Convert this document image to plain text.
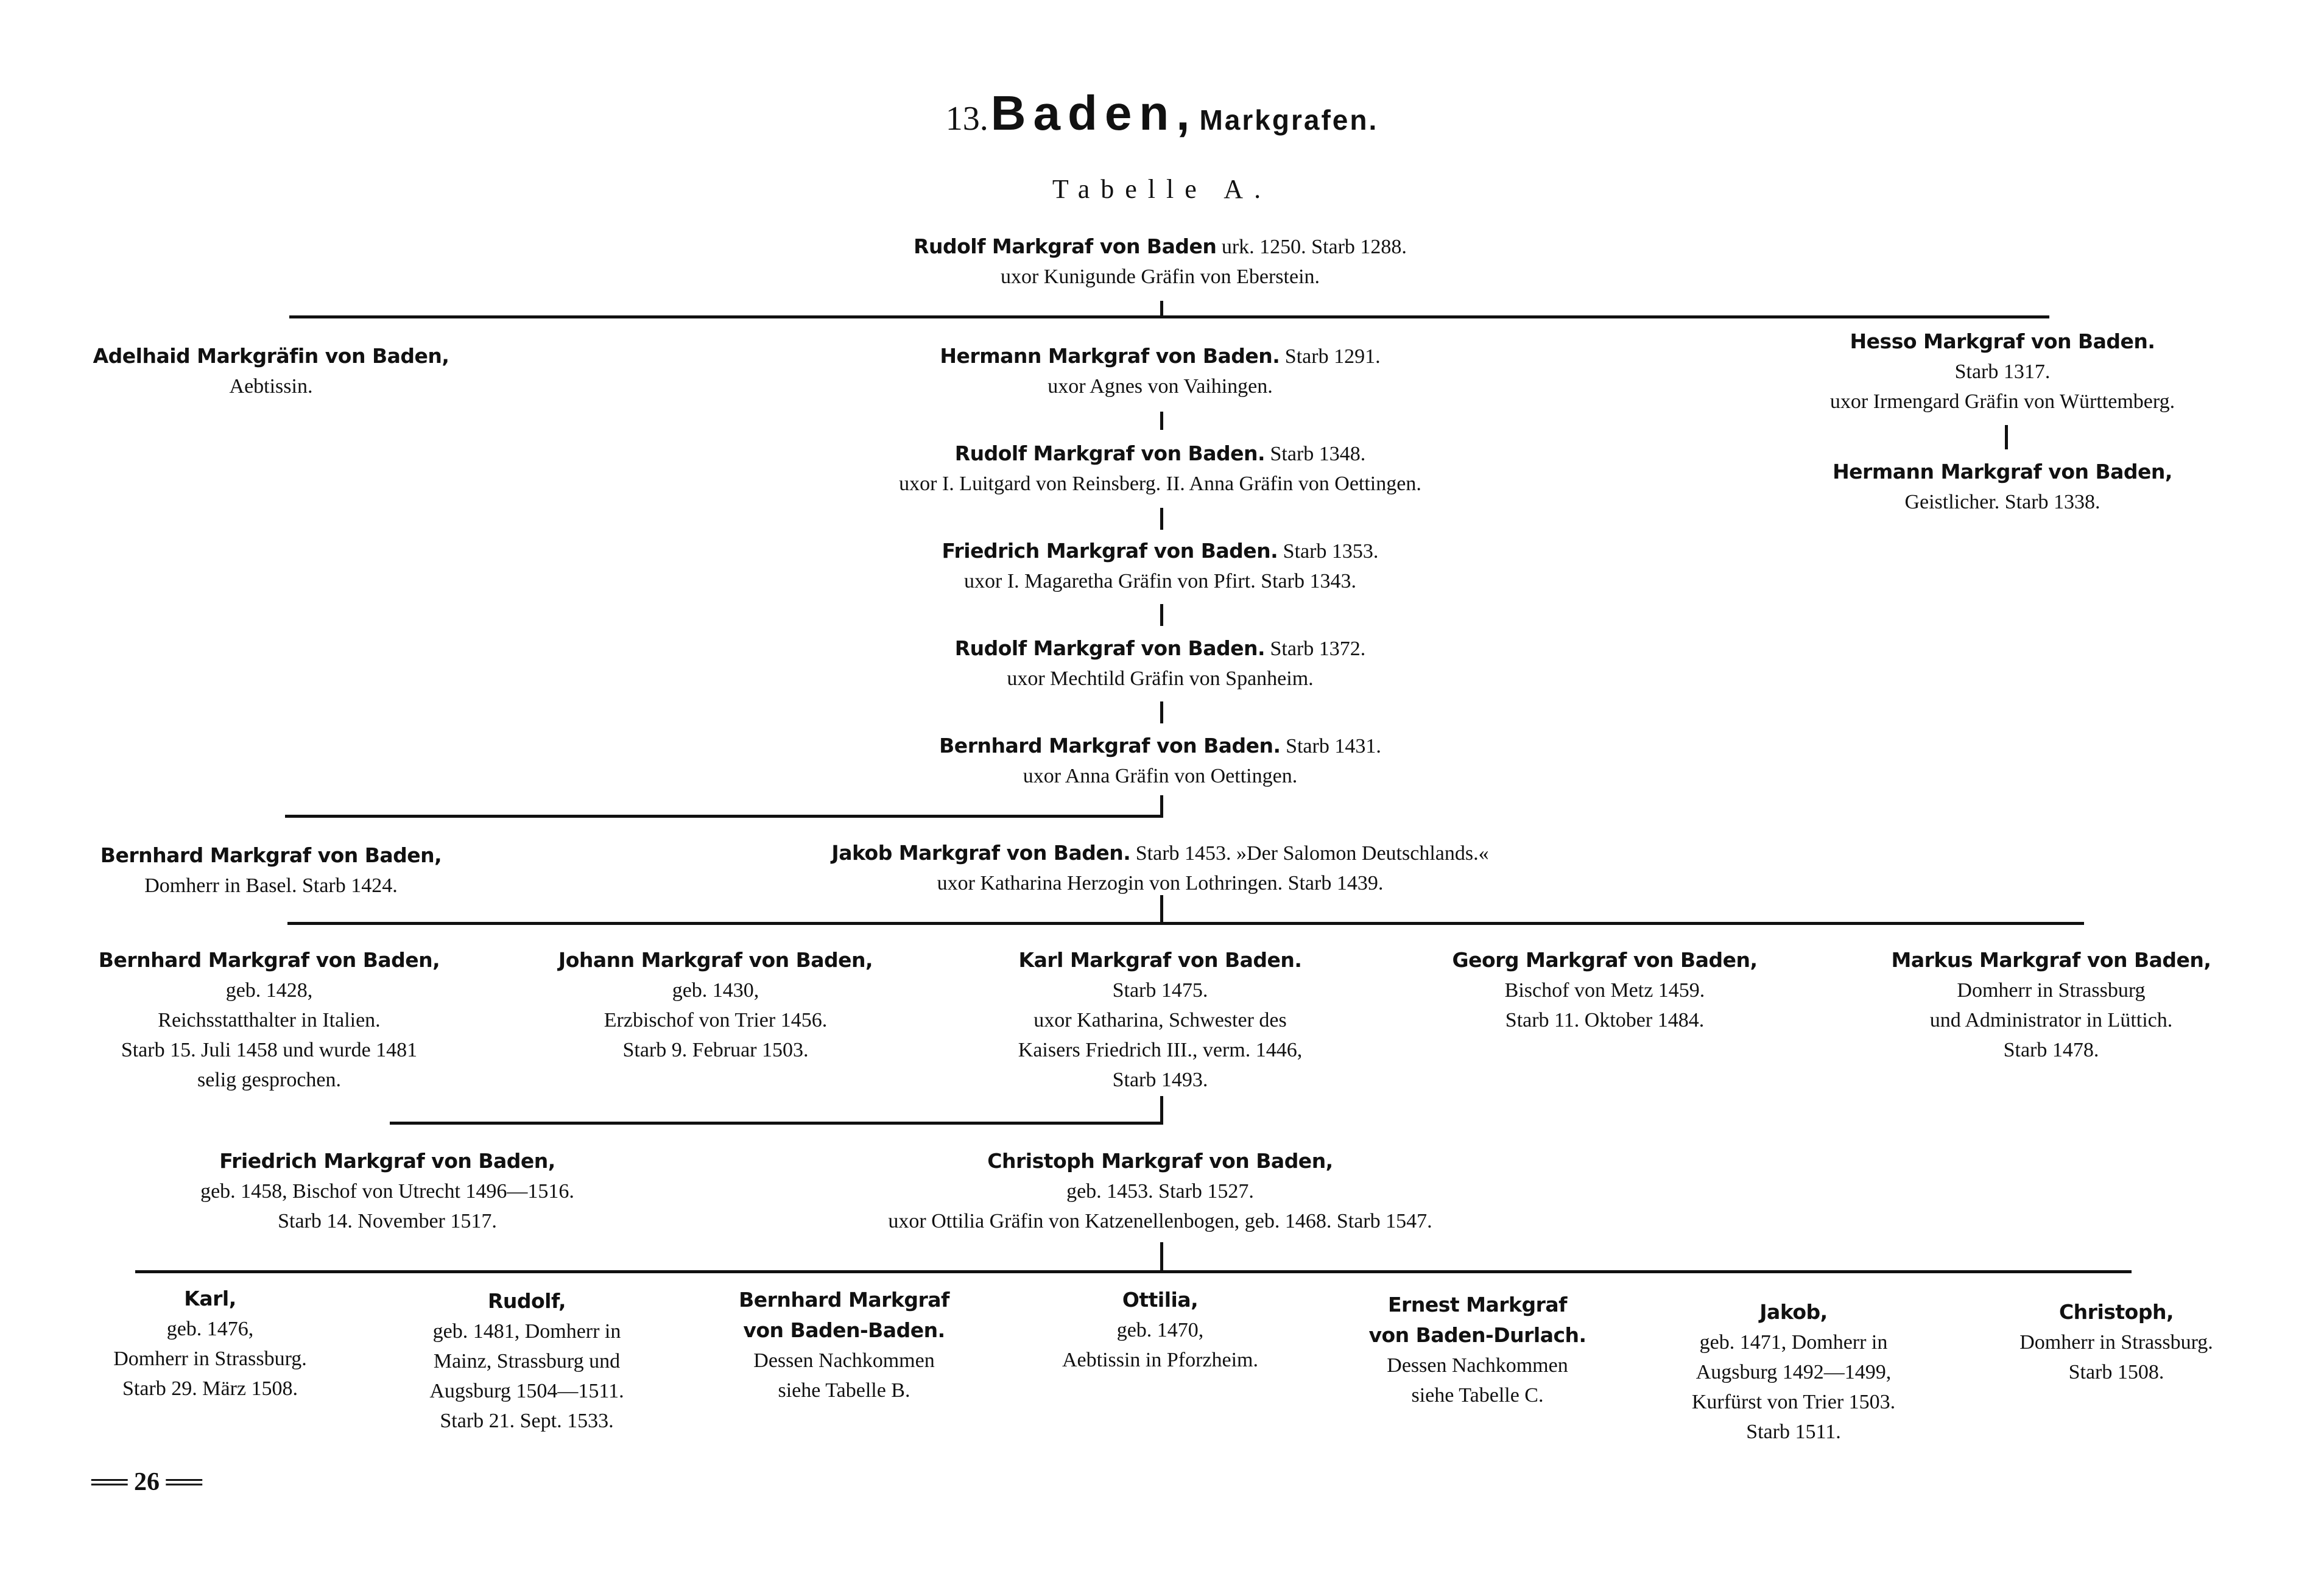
13. Baden, Markgrafen.
Tabelle A.
Rudolf Markgraf von Baden urk. 1250. Starb 1288.
uxor Kunigunde Gräfin von Eberstein.
Adelhaid Markgräfin von Baden,
Aebtissin.
Hermann Markgraf von Baden. Starb 1291.
uxor Agnes von Vaihingen.
Hesso Markgraf von Baden.
Starb 1317.
uxor Irmengard Gräfin von Württemberg.
Hermann Markgraf von Baden,
Geistlicher. Starb 1338.
Rudolf Markgraf von Baden. Starb 1348.
uxor I. Luitgard von Reinsberg. II. Anna Gräfin von Oettingen.
Friedrich Markgraf von Baden. Starb 1353.
uxor I. Magaretha Gräfin von Pfirt. Starb 1343.
Rudolf Markgraf von Baden. Starb 1372.
uxor Mechtild Gräfin von Spanheim.
Bernhard Markgraf von Baden. Starb 1431.
uxor Anna Gräfin von Oettingen.
Bernhard Markgraf von Baden,
Domherr in Basel. Starb 1424.
Jakob Markgraf von Baden. Starb 1453. »Der Salomon Deutschlands.«
uxor Katharina Herzogin von Lothringen. Starb 1439.
Bernhard Markgraf von Baden,
geb. 1428,
Reichsstatthalter in Italien.
Starb 15. Juli 1458 und wurde 1481
selig gesprochen.
Johann Markgraf von Baden,
geb. 1430,
Erzbischof von Trier 1456.
Starb 9. Februar 1503.
Karl Markgraf von Baden.
Starb 1475.
uxor Katharina, Schwester des
Kaisers Friedrich III., verm. 1446,
Starb 1493.
Georg Markgraf von Baden,
Bischof von Metz 1459.
Starb 11. Oktober 1484.
Markus Markgraf von Baden,
Domherr in Strassburg
und Administrator in Lüttich.
Starb 1478.
Friedrich Markgraf von Baden,
geb. 1458, Bischof von Utrecht 1496—1516.
Starb 14. November 1517.
Christoph Markgraf von Baden,
geb. 1453. Starb 1527.
uxor Ottilia Gräfin von Katzenellenbogen, geb. 1468. Starb 1547.
Karl,
geb. 1476,
Domherr in Strassburg.
Starb 29. März 1508.
Rudolf,
geb. 1481, Domherr in
Mainz, Strassburg und
Augsburg 1504—1511.
Starb 21. Sept. 1533.
Bernhard Markgraf
von Baden-Baden.
Dessen Nachkommen
siehe Tabelle B.
Ottilia,
geb. 1470,
Aebtissin in Pforzheim.
Ernest Markgraf
von Baden-Durlach.
Dessen Nachkommen
siehe Tabelle C.
Jakob,
geb. 1471, Domherr in
Augsburg 1492—1499,
Kurfürst von Trier 1503.
Starb 1511.
Christoph,
Domherr in Strassburg.
Starb 1508.
══ 26 ══
